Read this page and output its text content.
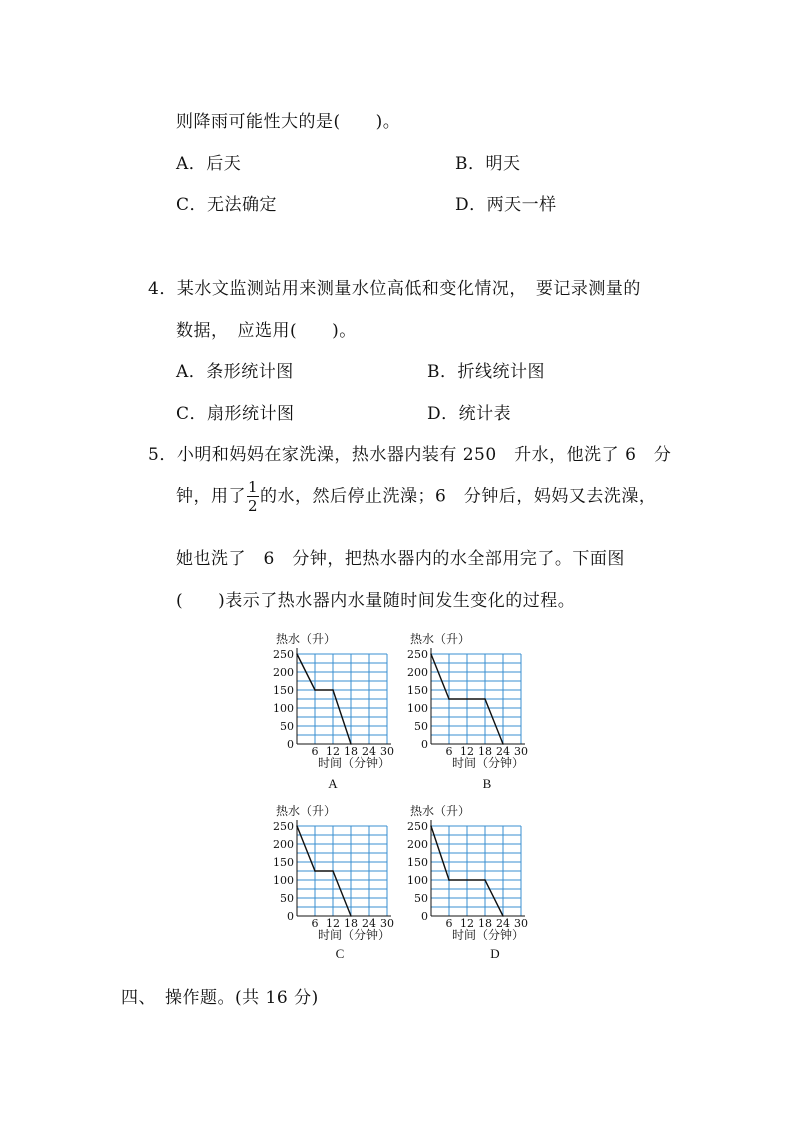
则降雨可能性大的是(　　)。
A．后天	B．明天
C．无法确定	D．两天一样
4．某水文监测站用来测量水位高低和变化情况，　要记录测量的
数据，　应选用(　　)。
A．条形统计图	B．折线统计图
C．扇形统计图	D．统计表
5．小明和妈妈在家洗澡，热水器内装有 250　升水，他洗了 6　分
钟，用了 $\frac{1}{2}$ 的水，然后停止洗澡；6　分钟后，妈妈又去洗澡，
她也洗了　6　分钟，把热水器内的水全部用完了。下面图
(　　)表示了热水器内水量随时间发生变化的过程。
热水（升）
0
50
100
150
200
250
6 12 18 24 30
时间（分钟）
热水（升）
0
50
100
150
200
250
6 12 18 24 30
时间（分钟）
热水（升）
0
50
100
150
200
250
6 12 18 24 30
时间（分钟）
热水（升）
0
50
100
150
200
250
6 12 18 24 30
时间（分钟）
A	B
C	D
四、　操作题。(共 16 分)
